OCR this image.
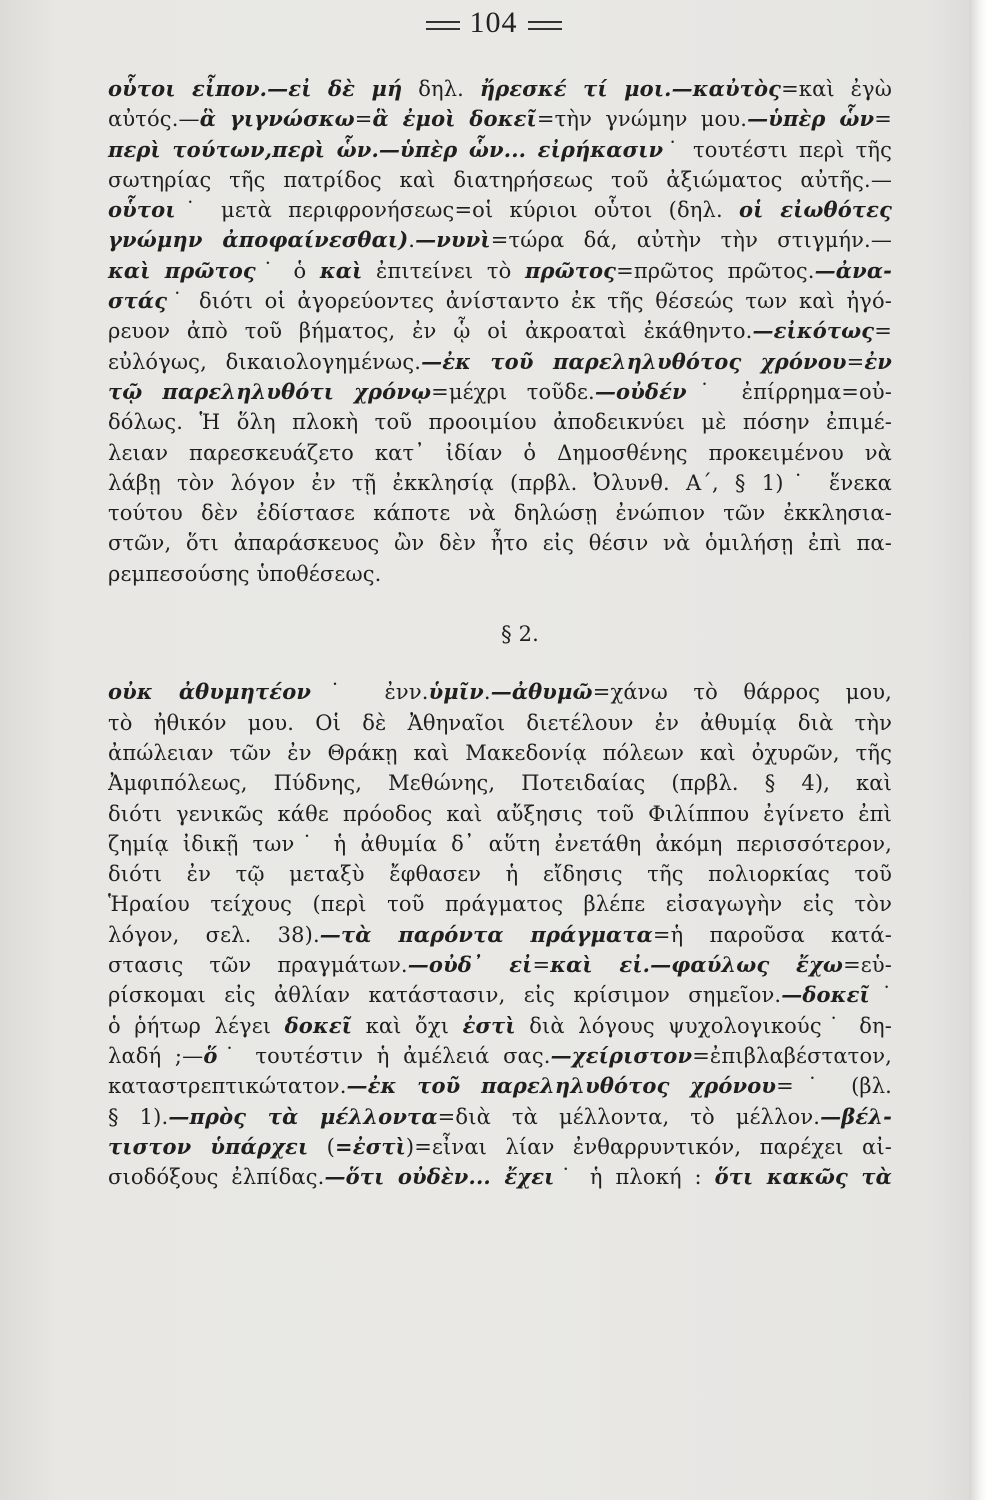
104
οὗτοι εἶπον.—εἰ δὲ μή δηλ. ἤρεσκέ τί μοι.—καὐτὸς=καὶ ἐγὼ
αὐτός.—ἃ γιγνώσκω=ἃ ἐμοὶ δοκεῖ=τὴν γνώμην μου.—ὑπὲρ ὧν=
περὶ τούτων,περὶ ὧν.—ὑπὲρ ὧν... εἰρήκασιν˙ τουτέστι περὶ τῆς
σωτηρίας τῆς πατρίδος καὶ διατηρήσεως τοῦ ἀξιώματος αὐτῆς.—
οὗτοι˙ μετὰ περιφρονήσεως=οἱ κύριοι οὗτοι (δηλ. οἱ εἰωθότες
γνώμην ἀποφαίνεσθαι).—νυνὶ=τώρα δά, αὐτὴν τὴν στιγμήν.—
καὶ πρῶτος˙ ὁ καὶ ἐπιτείνει τὸ πρῶτος=πρῶτος πρῶτος.—ἀνα-
στάς˙ διότι οἱ ἀγορεύοντες ἀνίσταντο ἐκ τῆς θέσεώς των καὶ ἠγό-
ρευον ἀπὸ τοῦ βήματος, ἐν ᾧ οἱ ἀκροαταὶ ἐκάθηντο.—εἰκότως=
εὐλόγως, δικαιολογημένως.—ἐκ τοῦ παρεληλυθότος χρόνου=ἐν
τῷ παρεληλυθότι χρόνῳ=μέχρι τοῦδε.—οὐδέν˙ ἐπίρρημα=οὐ-
δόλως. Ἡ ὅλη πλοκὴ τοῦ προοιμίου ἀποδεικνύει μὲ πόσην ἐπιμέ-
λειαν παρεσκευάζετο κατ᾿ ἰδίαν ὁ Δημοσθένης προκειμένου νὰ
λάβῃ τὸν λόγον ἐν τῇ ἐκκλησίᾳ (πρβλ. Ὀλυνθ. Α΄, § 1)˙ ἕνεκα
τούτου δὲν ἐδίστασε κάποτε νὰ δηλώσῃ ἐνώπιον τῶν ἐκκλησια-
στῶν, ὅτι ἀπαράσκευος ὢν δὲν ἦτο εἰς θέσιν νὰ ὁμιλήσῃ ἐπὶ πα-
ρεμπεσούσης ὑποθέσεως.
§ 2.
οὐκ ἀθυμητέον˙ ἐνν.ὑμῖν.—ἀθυμῶ=χάνω τὸ θάρρος μου,
τὸ ἠθικόν μου. Οἱ δὲ Ἀθηναῖοι διετέλουν ἐν ἀθυμίᾳ διὰ τὴν
ἀπώλειαν τῶν ἐν Θράκῃ καὶ Μακεδονίᾳ πόλεων καὶ ὀχυρῶν, τῆς
Ἀμφιπόλεως, Πύδνης, Μεθώνης, Ποτειδαίας (πρβλ. § 4), καὶ
διότι γενικῶς κάθε πρόοδος καὶ αὔξησις τοῦ Φιλίππου ἐγίνετο ἐπὶ
ζημίᾳ ἰδικῇ των˙ ἡ ἀθυμία δ᾿ αὕτη ἐνετάθη ἀκόμη περισσότερον,
διότι ἐν τῷ μεταξὺ ἔφθασεν ἡ εἴδησις τῆς πολιορκίας τοῦ
Ἡραίου τείχους (περὶ τοῦ πράγματος βλέπε εἰσαγωγὴν εἰς τὸν
λόγον, σελ. 38).—τὰ παρόντα πράγματα=ἡ παροῦσα κατά-
στασις τῶν πραγμάτων.—οὐδ᾿ εἰ=καὶ εἰ.—φαύλως ἔχω=εὑ-
ρίσκομαι εἰς ἀθλίαν κατάστασιν, εἰς κρίσιμον σημεῖον.—δοκεῖ˙
ὁ ῥήτωρ λέγει δοκεῖ καὶ ὄχι ἐστὶ διὰ λόγους ψυχολογικούς˙ δη-
λαδή ;—ὅ˙ τουτέστιν ἡ ἀμέλειά σας.—χείριστον=ἐπιβλαβέστατον,
καταστρεπτικώτατον.—ἐκ τοῦ παρεληλυθότος χρόνου=˙ (βλ.
§ 1).—πρὸς τὰ μέλλοντα=διὰ τὰ μέλλοντα, τὸ μέλλον.—βέλ-
τιστον ὑπάρχει (=ἐστὶ)=εἶναι λίαν ἐνθαρρυντικόν, παρέχει αἰ-
σιοδόξους ἐλπίδας.—ὅτι οὐδὲν... ἔχει˙ ἡ πλοκή : ὅτι κακῶς τὰ
